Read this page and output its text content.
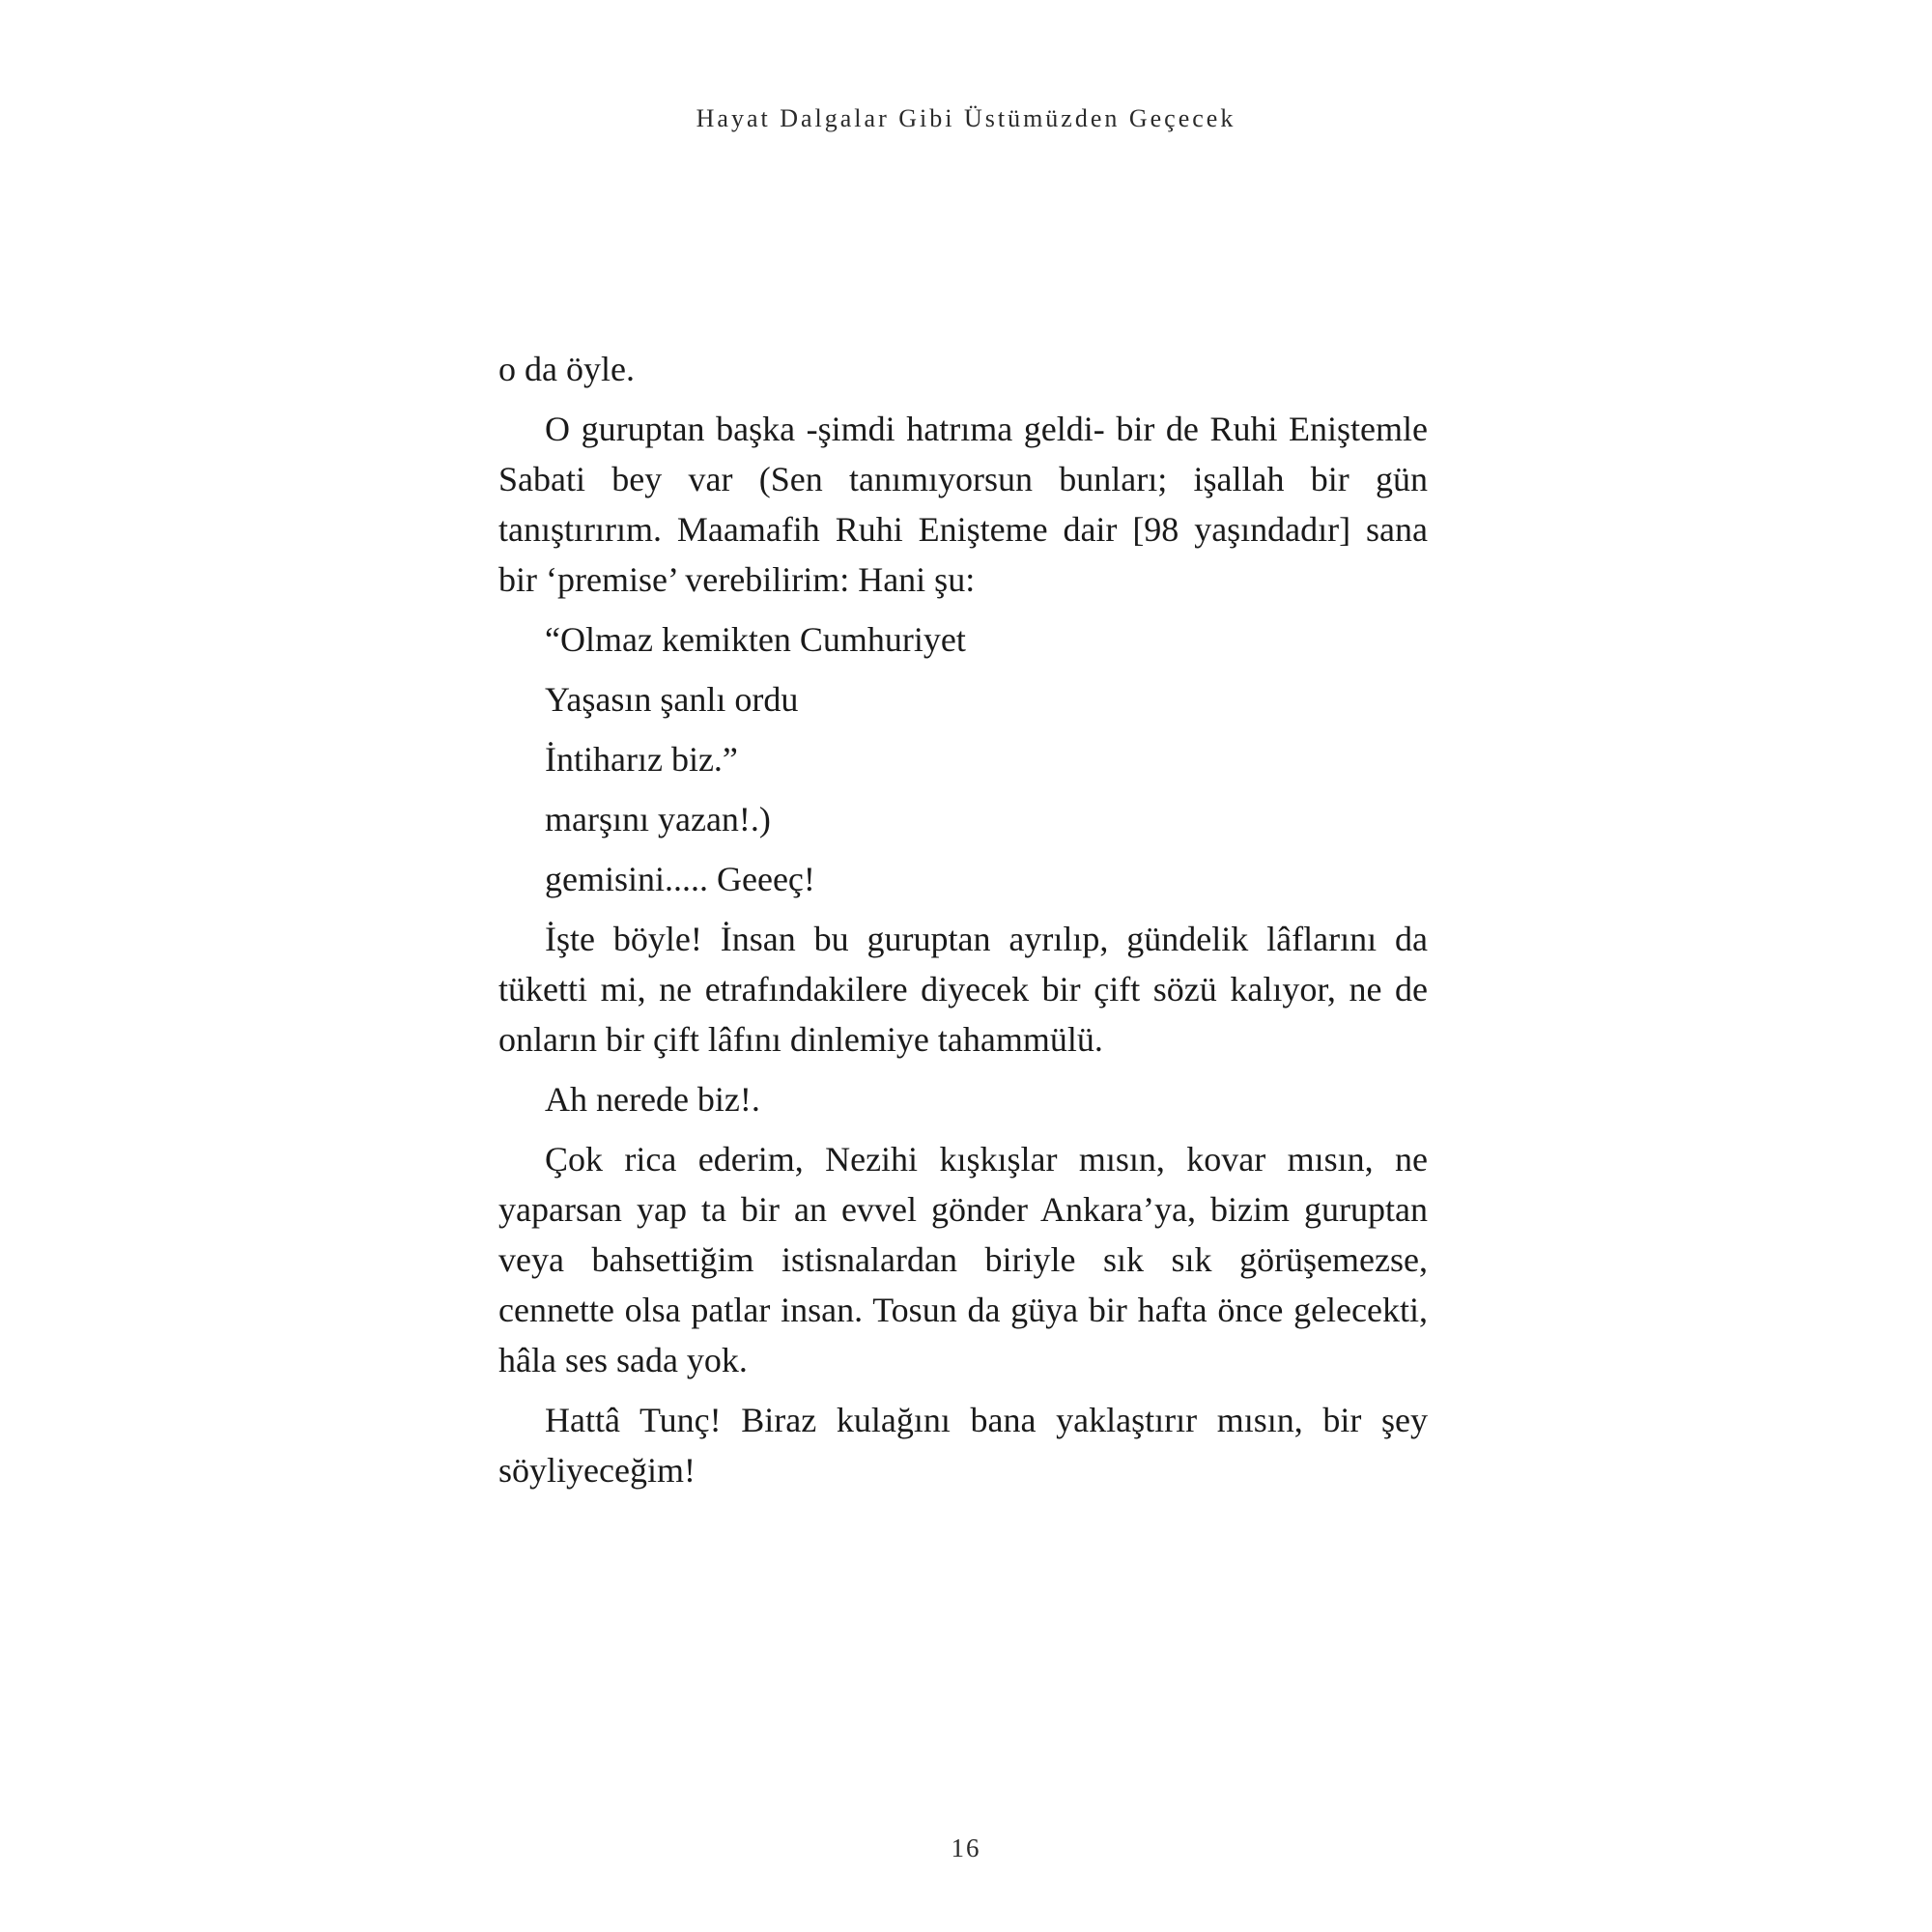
Hayat Dalgalar Gibi Üstümüzden Geçecek

o da öyle.

O guruptan başka -şimdi hatrıma geldi- bir de Ruhi Eniştemle Sabati bey var (Sen tanımıyorsun bunları; işallah bir gün tanıştırırım. Maamafih Ruhi Enişteme dair [98 yaşındadır] sana bir ‘premise’ verebilirim: Hani şu:

“Olmaz kemikten Cumhuriyet

Yaşasın şanlı ordu

İntiharız biz.”

marşını yazan!.)

gemisini..... Geeeç!

İşte böyle! İnsan bu guruptan ayrılıp, gündelik lâflarını da tüketti mi, ne etrafındakilere diyecek bir çift sözü kalıyor, ne de onların bir çift lâfını dinlemiye tahammülü.

Ah nerede biz!.

Çok rica ederim, Nezihi kışkışlar mısın, kovar mısın, ne yaparsan yap ta bir an evvel gönder Ankara’ya, bizim guruptan veya bahsettiğim istisnalardan biriyle sık sık görüşemezse, cennette olsa patlar insan. Tosun da güya bir hafta önce gelecekti, hâla ses sada yok.

Hattâ Tunç! Biraz kulağını bana yaklaştırır mısın, bir şey söyliyeceğim!

16
